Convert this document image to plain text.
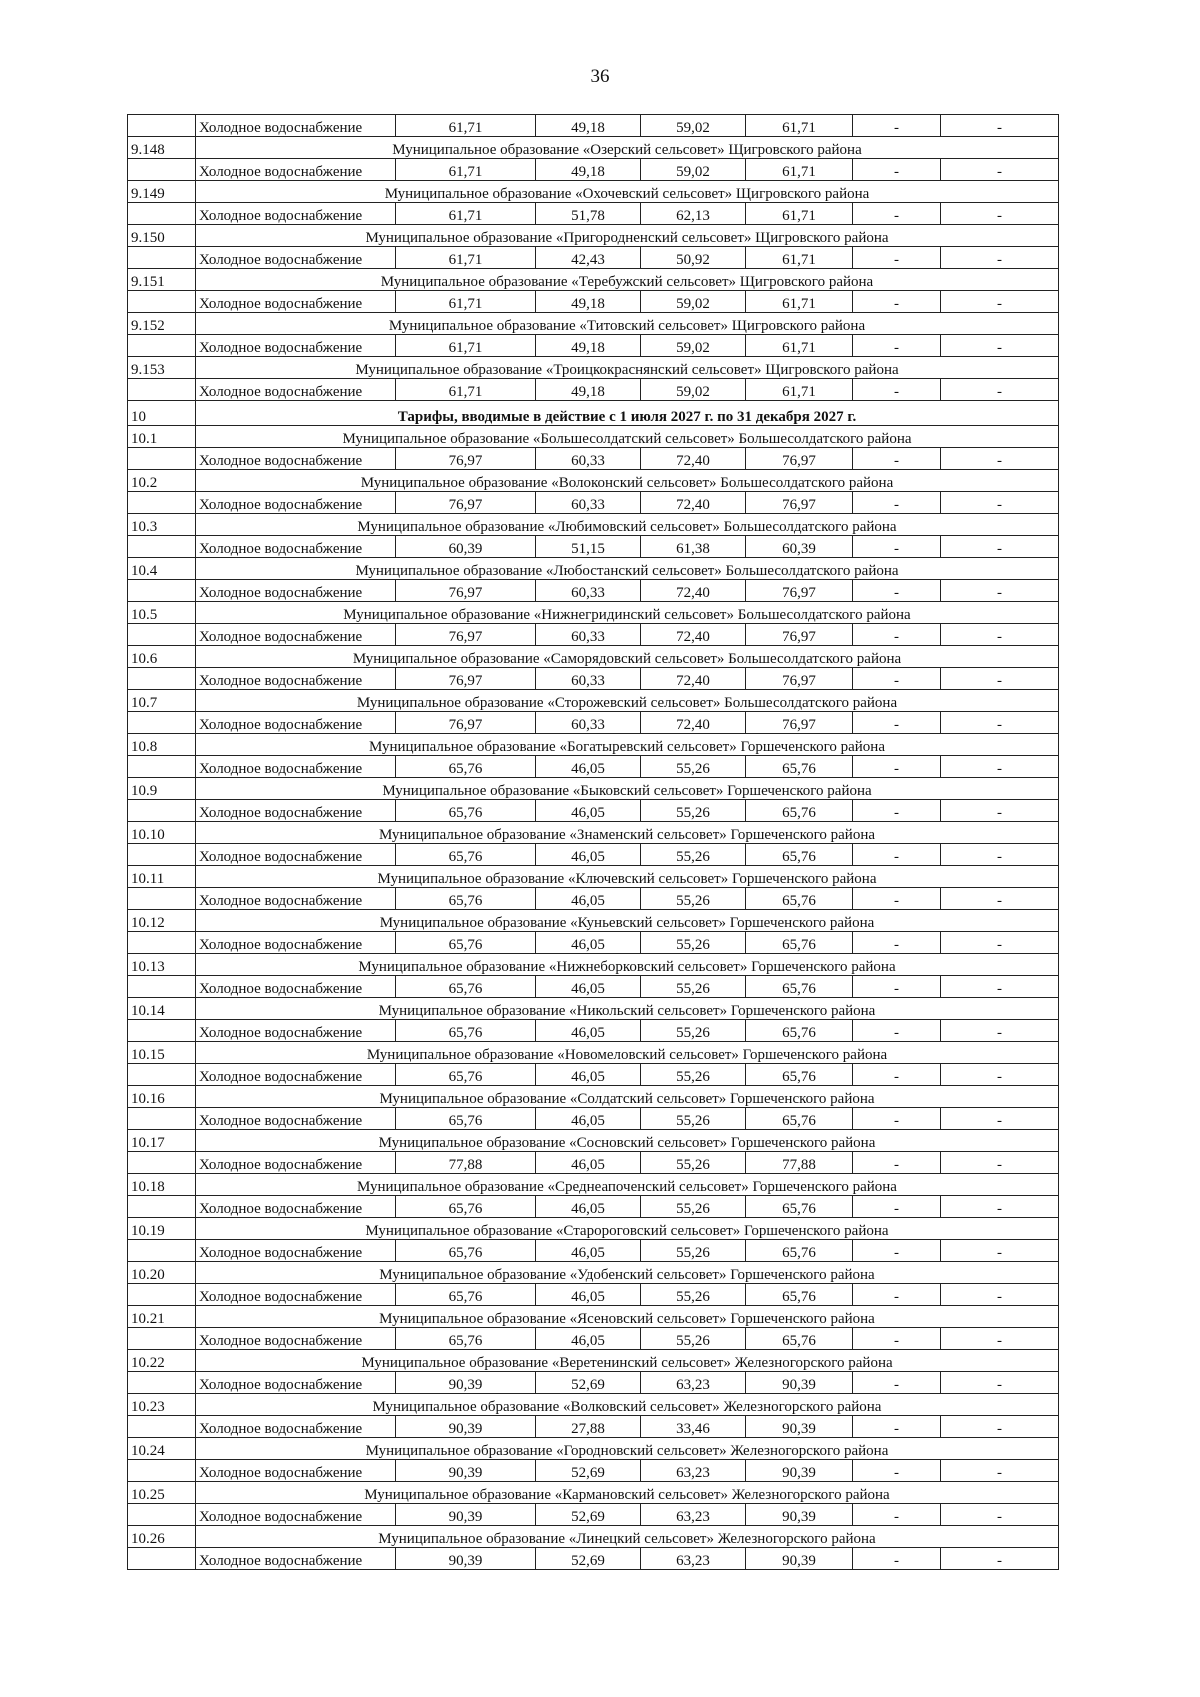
36
	Холодное водоснабжение	61,71	49,18	59,02	61,71	-	-
9.148	Муниципальное образование «Озерский сельсовет» Щигровского района						
	Холодное водоснабжение	61,71	49,18	59,02	61,71	-	-
9.149	Муниципальное образование «Охочевский сельсовет» Щигровского района						
	Холодное водоснабжение	61,71	51,78	62,13	61,71	-	-
9.150	Муниципальное образование «Пригородненский сельсовет» Щигровского района						
	Холодное водоснабжение	61,71	42,43	50,92	61,71	-	-
9.151	Муниципальное образование «Теребужский сельсовет» Щигровского района						
	Холодное водоснабжение	61,71	49,18	59,02	61,71	-	-
9.152	Муниципальное образование «Титовский сельсовет» Щигровского района						
	Холодное водоснабжение	61,71	49,18	59,02	61,71	-	-
9.153	Муниципальное образование «Троицкокраснянский сельсовет» Щигровского района						
	Холодное водоснабжение	61,71	49,18	59,02	61,71	-	-
10	Тарифы, вводимые в действие с 1 июля 2027 г. по 31 декабря 2027 г.						
10.1	Муниципальное образование «Большесолдатский сельсовет» Большесолдатского района						
	Холодное водоснабжение	76,97	60,33	72,40	76,97	-	-
10.2	Муниципальное образование «Волоконский сельсовет» Большесолдатского района						
	Холодное водоснабжение	76,97	60,33	72,40	76,97	-	-
10.3	Муниципальное образование «Любимовский сельсовет» Большесолдатского района						
	Холодное водоснабжение	60,39	51,15	61,38	60,39	-	-
10.4	Муниципальное образование «Любостанский сельсовет» Большесолдатского района						
	Холодное водоснабжение	76,97	60,33	72,40	76,97	-	-
10.5	Муниципальное образование «Нижнегридинский сельсовет» Большесолдатского района						
	Холодное водоснабжение	76,97	60,33	72,40	76,97	-	-
10.6	Муниципальное образование «Саморядовский сельсовет» Большесолдатского района						
	Холодное водоснабжение	76,97	60,33	72,40	76,97	-	-
10.7	Муниципальное образование «Сторожевский сельсовет» Большесолдатского района						
	Холодное водоснабжение	76,97	60,33	72,40	76,97	-	-
10.8	Муниципальное образование «Богатыревский сельсовет» Горшеченского района						
	Холодное водоснабжение	65,76	46,05	55,26	65,76	-	-
10.9	Муниципальное образование «Быковский сельсовет» Горшеченского района						
	Холодное водоснабжение	65,76	46,05	55,26	65,76	-	-
10.10	Муниципальное образование «Знаменский сельсовет» Горшеченского района						
	Холодное водоснабжение	65,76	46,05	55,26	65,76	-	-
10.11	Муниципальное образование «Ключевский сельсовет» Горшеченского района						
	Холодное водоснабжение	65,76	46,05	55,26	65,76	-	-
10.12	Муниципальное образование «Куньевский сельсовет» Горшеченского района						
	Холодное водоснабжение	65,76	46,05	55,26	65,76	-	-
10.13	Муниципальное образование «Нижнеборковский сельсовет» Горшеченского района						
	Холодное водоснабжение	65,76	46,05	55,26	65,76	-	-
10.14	Муниципальное образование «Никольский сельсовет» Горшеченского района						
	Холодное водоснабжение	65,76	46,05	55,26	65,76	-	-
10.15	Муниципальное образование «Новомеловский сельсовет» Горшеченского района						
	Холодное водоснабжение	65,76	46,05	55,26	65,76	-	-
10.16	Муниципальное образование «Солдатский сельсовет» Горшеченского района						
	Холодное водоснабжение	65,76	46,05	55,26	65,76	-	-
10.17	Муниципальное образование «Сосновский сельсовет» Горшеченского района						
	Холодное водоснабжение	77,88	46,05	55,26	77,88	-	-
10.18	Муниципальное образование «Среднеапоченский сельсовет» Горшеченского района						
	Холодное водоснабжение	65,76	46,05	55,26	65,76	-	-
10.19	Муниципальное образование «Старороговский сельсовет» Горшеченского района						
	Холодное водоснабжение	65,76	46,05	55,26	65,76	-	-
10.20	Муниципальное образование «Удобенский сельсовет» Горшеченского района						
	Холодное водоснабжение	65,76	46,05	55,26	65,76	-	-
10.21	Муниципальное образование «Ясеновский сельсовет» Горшеченского района						
	Холодное водоснабжение	65,76	46,05	55,26	65,76	-	-
10.22	Муниципальное образование «Веретенинский сельсовет» Железногорского района						
	Холодное водоснабжение	90,39	52,69	63,23	90,39	-	-
10.23	Муниципальное образование «Волковский сельсовет» Железногорского района						
	Холодное водоснабжение	90,39	27,88	33,46	90,39	-	-
10.24	Муниципальное образование «Городновский сельсовет» Железногорского района						
	Холодное водоснабжение	90,39	52,69	63,23	90,39	-	-
10.25	Муниципальное образование «Кармановский сельсовет» Железногорского района						
	Холодное водоснабжение	90,39	52,69	63,23	90,39	-	-
10.26	Муниципальное образование «Линецкий сельсовет» Железногорского района						
	Холодное водоснабжение	90,39	52,69	63,23	90,39	-	-
